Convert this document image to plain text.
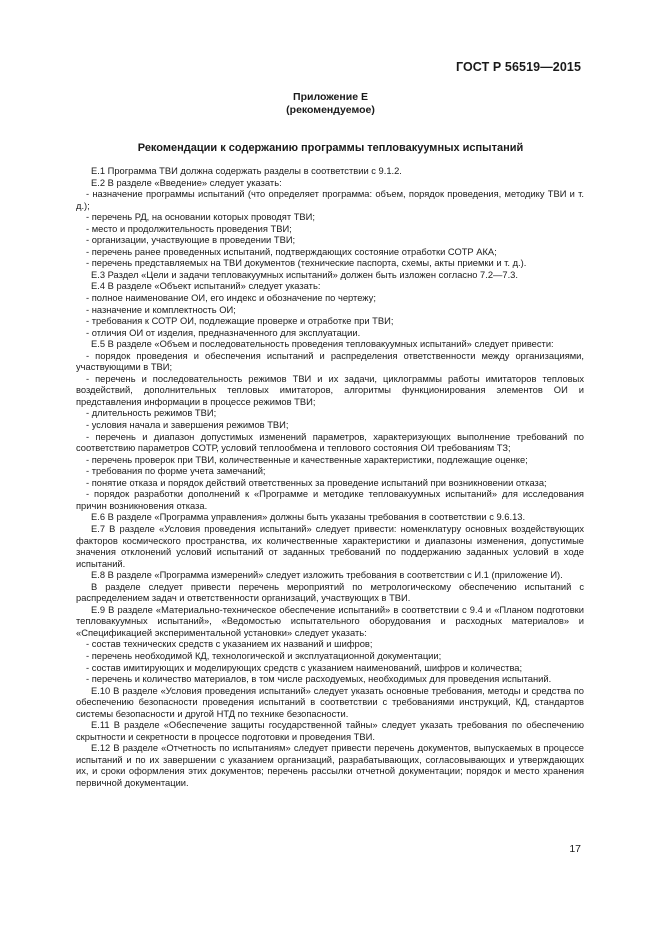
ГОСТ Р 56519—2015
Приложение Е
(рекомендуемое)
Рекомендации к содержанию программы тепловакуумных испытаний

Е.1 Программа ТВИ должна содержать разделы в соответствии с 9.1.2.

Е.2 В разделе «Введение» следует указать:

- назначение программы испытаний (что определяет программа: объем, порядок проведения, методику ТВИ и т. д.);

- перечень РД, на основании которых проводят ТВИ;

- место и продолжительность проведения ТВИ;

- организации, участвующие в проведении ТВИ;

- перечень ранее проведенных испытаний, подтверждающих состояние отработки СОТР АКА;

- перечень представляемых на ТВИ документов (технические паспорта, схемы, акты приемки и т. д.).

Е.3 Раздел «Цели и задачи тепловакуумных испытаний» должен быть изложен согласно 7.2—7.3.

Е.4 В разделе «Объект испытаний» следует указать:

- полное наименование ОИ, его индекс и обозначение по чертежу;

- назначение и комплектность ОИ;

- требования к СОТР ОИ, подлежащие проверке и отработке при ТВИ;

- отличия ОИ от изделия, предназначенного для эксплуатации.

Е.5 В разделе «Объем и последовательность проведения тепловакуумных испытаний» следует привести:

- порядок проведения и обеспечения испытаний и распределения ответственности между организациями, участвующими в ТВИ;

- перечень и последовательность режимов ТВИ и их задачи, циклограммы работы имитаторов тепловых воздействий, дополнительных тепловых имитаторов, алгоритмы функционирования элементов ОИ и представления информации в процессе режимов ТВИ;

- длительность режимов ТВИ;

- условия начала и завершения режимов ТВИ;

- перечень и диапазон допустимых изменений параметров, характеризующих выполнение требований по соответствию параметров СОТР, условий теплообмена и теплового состояния ОИ требованиям ТЗ;

- перечень проверок при ТВИ, количественные и качественные характеристики, подлежащие оценке;

- требования по форме учета замечаний;

- понятие отказа и порядок действий ответственных за проведение испытаний при возникновении отказа;

- порядок разработки дополнений к «Программе и методике тепловакуумных испытаний» для исследования причин возникновения отказа.

Е.6 В разделе «Программа управления» должны быть указаны требования в соответствии с 9.6.13.

Е.7 В разделе «Условия проведения испытаний» следует привести: номенклатуру основных воздействующих факторов космического пространства, их количественные характеристики и диапазоны изменения, допустимые значения отклонений условий испытаний от заданных требований по поддержанию заданных условий в ходе испытаний.

Е.8 В разделе «Программа измерений» следует изложить требования в соответствии с И.1 (приложение И).

В разделе следует привести перечень мероприятий по метрологическому обеспечению испытаний с распределением задач и ответственности организаций, участвующих в ТВИ.

Е.9 В разделе «Материально-техническое обеспечение испытаний» в соответствии с 9.4 и «Планом подготовки тепловакуумных испытаний», «Ведомостью испытательного оборудования и расходных материалов» и «Спецификацией экспериментальной установки» следует указать:

- состав технических средств с указанием их названий и шифров;

- перечень необходимой КД, технологической и эксплуатационной документации;

- состав имитирующих и моделирующих средств с указанием наименований, шифров и количества;

- перечень и количество материалов, в том числе расходуемых, необходимых для проведения испытаний.

Е.10 В разделе «Условия проведения испытаний» следует указать основные требования, методы и средства по обеспечению безопасности проведения испытаний в соответствии с требованиями инструкций, КД, стандартов системы безопасности и другой НТД по технике безопасности.

Е.11 В разделе «Обеспечение защиты государственной тайны» следует указать требования по обеспечению скрытности и секретности в процессе подготовки и проведения ТВИ.

Е.12 В разделе «Отчетность по испытаниям» следует привести перечень документов, выпускаемых в процессе испытаний и по их завершении с указанием организаций, разрабатывающих, согласовывающих и утверждающих их, и сроки оформления этих документов; перечень рассылки отчетной документации; порядок и место хранения первичной документации.

17
